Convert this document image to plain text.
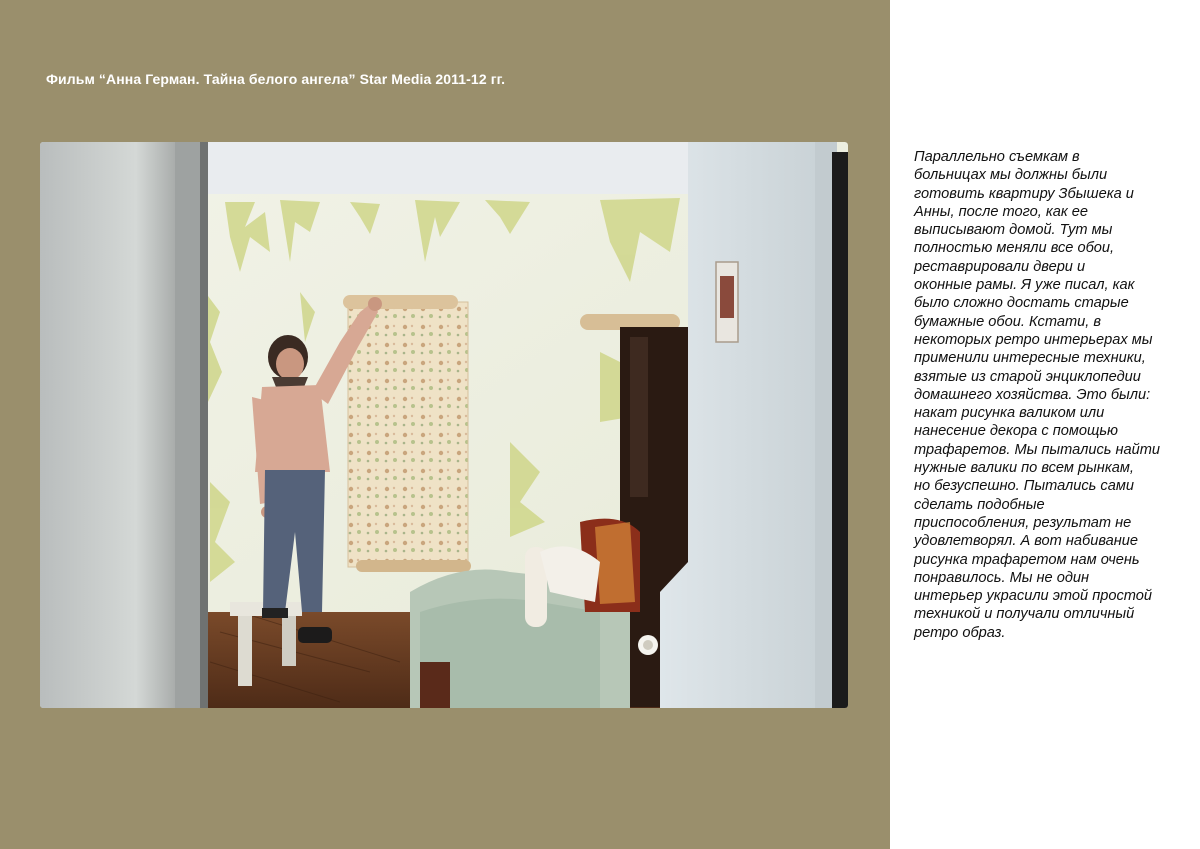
Фильм “Анна Герман. Тайна белого ангела” Star Media 2011-12 гг.
Параллельно съемкам в
больницах мы должны были
готовить квартиру Збышека и
Анны, после того, как ее
выписывают домой. Тут мы
полностью меняли все обои,
реставрировали двери и
оконные рамы. Я уже писал, как
было сложно достать старые
бумажные обои. Кстати, в
некоторых ретро интерьерах мы
применили интересные техники,
взятые из старой энциклопедии
домашнего хозяйства. Это были:
накат рисунка валиком или
нанесение декора с помощью
трафаретов. Мы пытались найти
нужные валики по всем рынкам,
но безуспешно. Пытались сами
сделать подобные
приспособления, результат не
удовлетворял. А вот набивание
рисунка трафаретом нам очень
понравилось. Мы не один
интерьер украсили этой простой
техникой и получали отличный
ретро образ.
